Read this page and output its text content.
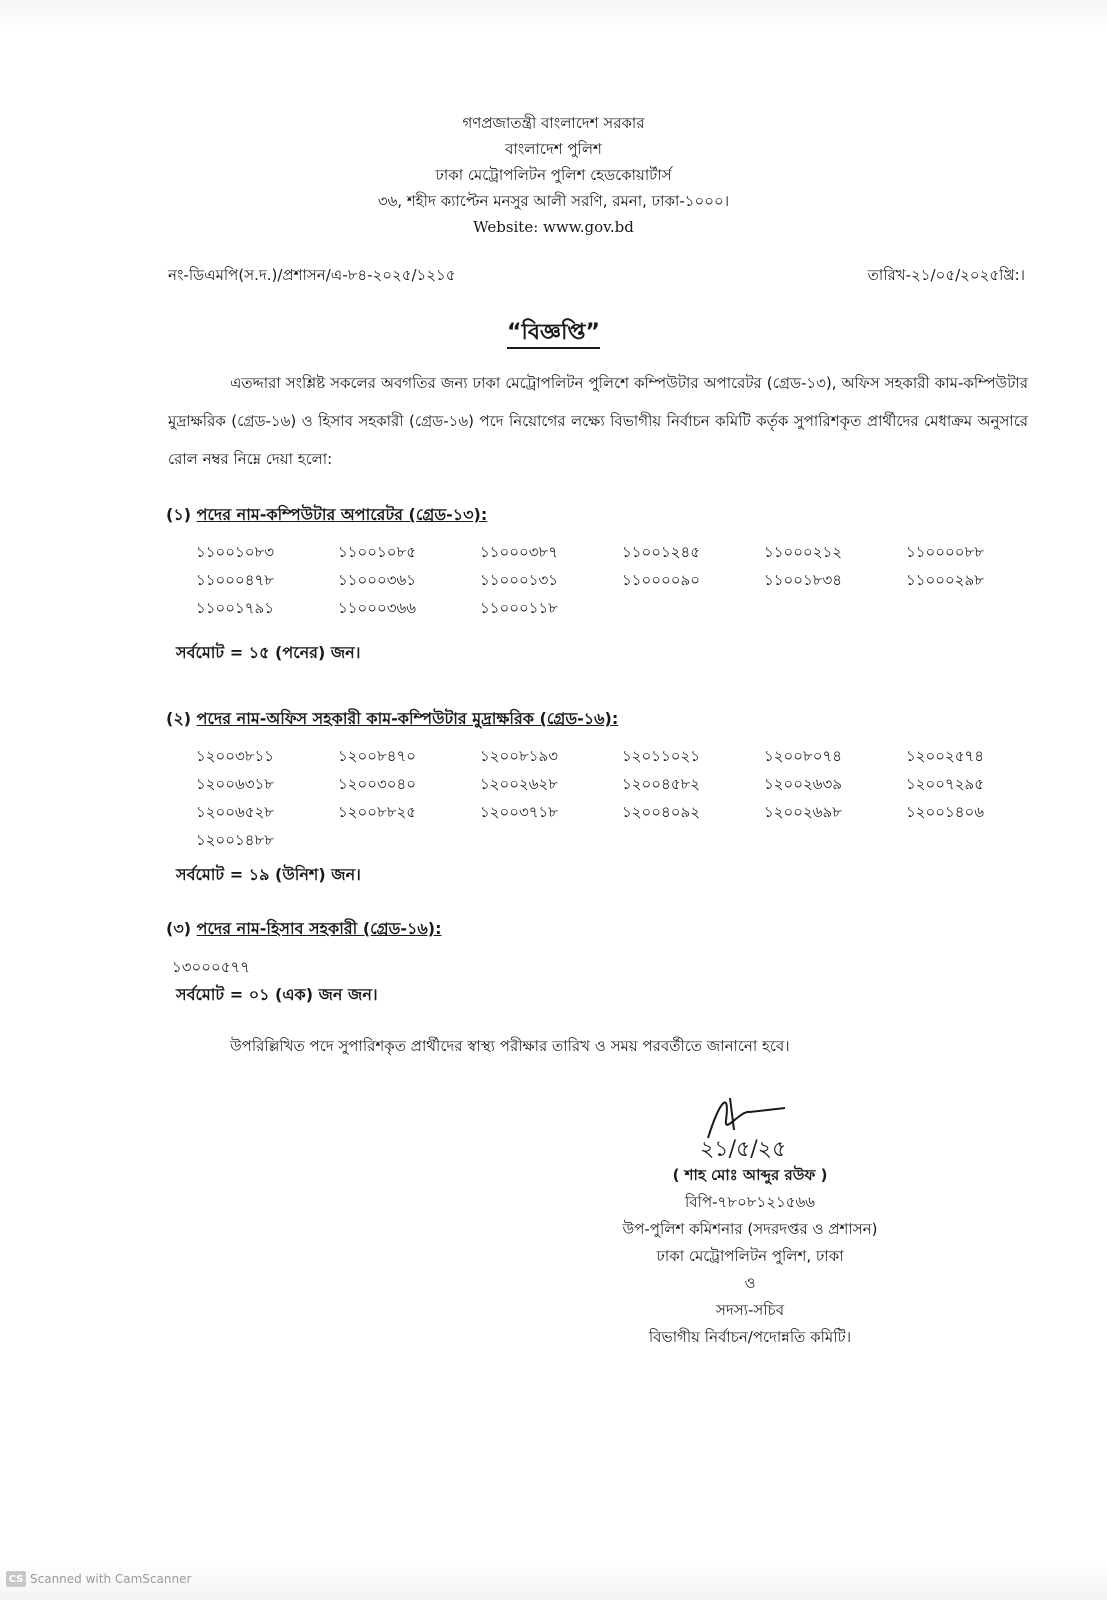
গণপ্রজাতন্ত্রী বাংলাদেশ সরকার
বাংলাদেশ পুলিশ
ঢাকা মেট্রোপলিটন পুলিশ হেডকোয়ার্টার্স
৩৬, শহীদ ক্যাপ্টেন মনসুর আলী সরণি, রমনা, ঢাকা-১০০০।
Website: www.gov.bd
নং-ডিএমপি(স.দ.)/প্রশাসন/এ-৮৪-২০২৫/১২১৫	তারিখ-২১/০৫/২০২৫খ্রি:।
“বিজ্ঞপ্তি”
এতদ্দারা সংশ্লিষ্ট সকলের অবগতির জন্য ঢাকা মেট্রোপলিটন পুলিশে কম্পিউটার অপারেটর (গ্রেড-১৩), অফিস সহকারী কাম-কম্পিউটার মুদ্রাক্ষরিক (গ্রেড-১৬) ও হিসাব সহকারী (গ্রেড-১৬) পদে নিয়োগের লক্ষ্যে বিভাগীয় নির্বাচন কমিটি কর্তৃক সুপারিশকৃত প্রার্থীদের মেধাক্রম অনুসারে রোল নম্বর নিম্নে দেয়া হলো:
(১) পদের নাম-কম্পিউটার অপারেটর (গ্রেড-১৩):
১১০০১০৮৩	১১০০১০৮৫	১১০০০৩৮৭	১১০০১২৪৫	১১০০০২১২	১১০০০০৮৮
১১০০০৪৭৮	১১০০০৩৬১	১১০০০১৩১	১১০০০০৯০	১১০০১৮৩৪	১১০০০২৯৮
১১০০১৭৯১	১১০০০৩৬৬	১১০০০১১৮
সর্বমোট = ১৫ (পনের) জন।
(২) পদের নাম-অফিস সহকারী কাম-কম্পিউটার মুদ্রাক্ষরিক (গ্রেড-১৬):
১২০০৩৮১১	১২০০৮৪৭০	১২০০৮১৯৩	১২০১১০২১	১২০০৮০৭৪	১২০০২৫৭৪
১২০০৬৩১৮	১২০০৩০৪০	১২০০২৬২৮	১২০০৪৫৮২	১২০০২৬৩৯	১২০০৭২৯৫
১২০০৬৫২৮	১২০০৮৮২৫	১২০০৩৭১৮	১২০০৪০৯২	১২০০২৬৯৮	১২০০১৪০৬
১২০০১৪৮৮
সর্বমোট = ১৯ (উনিশ) জন।
(৩) পদের নাম-হিসাব সহকারী (গ্রেড-১৬):
১৩০০০৫৭৭
সর্বমোট = ০১ (এক) জন জন।
উপরিল্লিখিত পদে সুপারিশকৃত প্রার্থীদের স্বাস্থ্য পরীক্ষার তারিখ ও সময় পরবর্তীতে জানানো হবে।
২১/৫/২৫
( শাহ মোঃ আব্দুর রউফ )
বিপি-৭৮০৮১২১৫৬৬
উপ-পুলিশ কমিশনার (সদরদপ্তর ও প্রশাসন)
ঢাকা মেট্রোপলিটন পুলিশ, ঢাকা
ও
সদস্য-সচিব
বিভাগীয় নির্বাচন/পদোন্নতি কমিটি।
CS Scanned with CamScanner
